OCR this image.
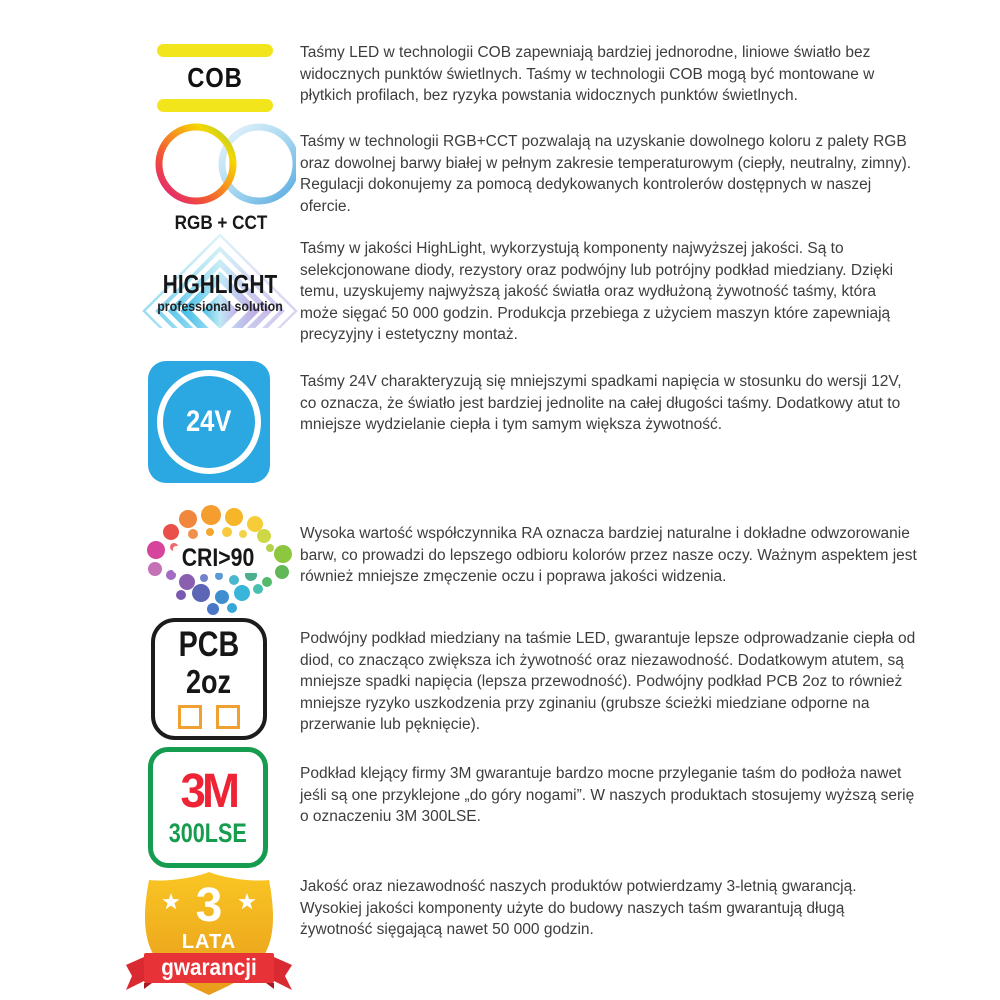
COB
Taśmy LED w technologii COB zapewniają bardziej jednorodne, liniowe światło bez widocznych punktów świetlnych. Taśmy w technologii COB mogą być montowane w płytkich profilach, bez ryzyka powstania widocznych punktów świetlnych.
RGB + CCT
Taśmy w technologii RGB+CCT pozwalają na uzyskanie dowolnego koloru z palety RGB oraz dowolnej barwy białej w pełnym zakresie temperaturowym (ciepły, neutralny, zimny). Regulacji dokonujemy za pomocą dedykowanych kontrolerów dostępnych w naszej ofercie.
HIGHLIGHT
professional solution
Taśmy w jakości HighLight, wykorzystują komponenty najwyższej jakości. Są to selekcjonowane diody, rezystory oraz podwójny lub potrójny podkład miedziany. Dzięki temu, uzyskujemy najwyższą jakość światła oraz wydłużoną żywotność taśmy, która może sięgać 50 000 godzin. Produkcja przebiega z użyciem maszyn które zapewniają precyzyjny i estetyczny montaż.
24V
Taśmy 24V charakteryzują się mniejszymi spadkami napięcia w stosunku do wersji 12V, co oznacza, że światło jest bardziej jednolite na całej długości taśmy. Dodatkowy atut to mniejsze wydzielanie ciepła i tym samym większa żywotność.
CRI>90
Wysoka wartość współczynnika RA oznacza bardziej naturalne i dokładne odwzorowanie barw, co prowadzi do lepszego odbioru kolorów przez nasze oczy. Ważnym aspektem jest również mniejsze zmęczenie oczu i poprawa jakości widzenia.
PCB
2oz
Podwójny podkład miedziany na taśmie LED, gwarantuje lepsze odprowadzanie ciepła od diod, co znacząco zwiększa ich żywotność oraz niezawodność. Dodatkowym atutem, są mniejsze spadki napięcia (lepsza przewodność). Podwójny podkład PCB 2oz to również mniejsze ryzyko uszkodzenia przy zginaniu (grubsze ścieżki miedziane odporne na przerwanie lub pęknięcie).
3M
300LSE
Podkład klejący firmy 3M gwarantuje bardzo mocne przyleganie taśm do podłoża nawet jeśli są one przyklejone „do góry nogami”. W naszych produktach stosujemy wyższą serię o oznaczeniu 3M 300LSE.
3
LATA
gwarancji
Jakość oraz niezawodność naszych produktów potwierdzamy 3-letnią gwarancją. Wysokiej jakości komponenty użyte do budowy naszych taśm gwarantują długą żywotność sięgającą nawet 50 000 godzin.
